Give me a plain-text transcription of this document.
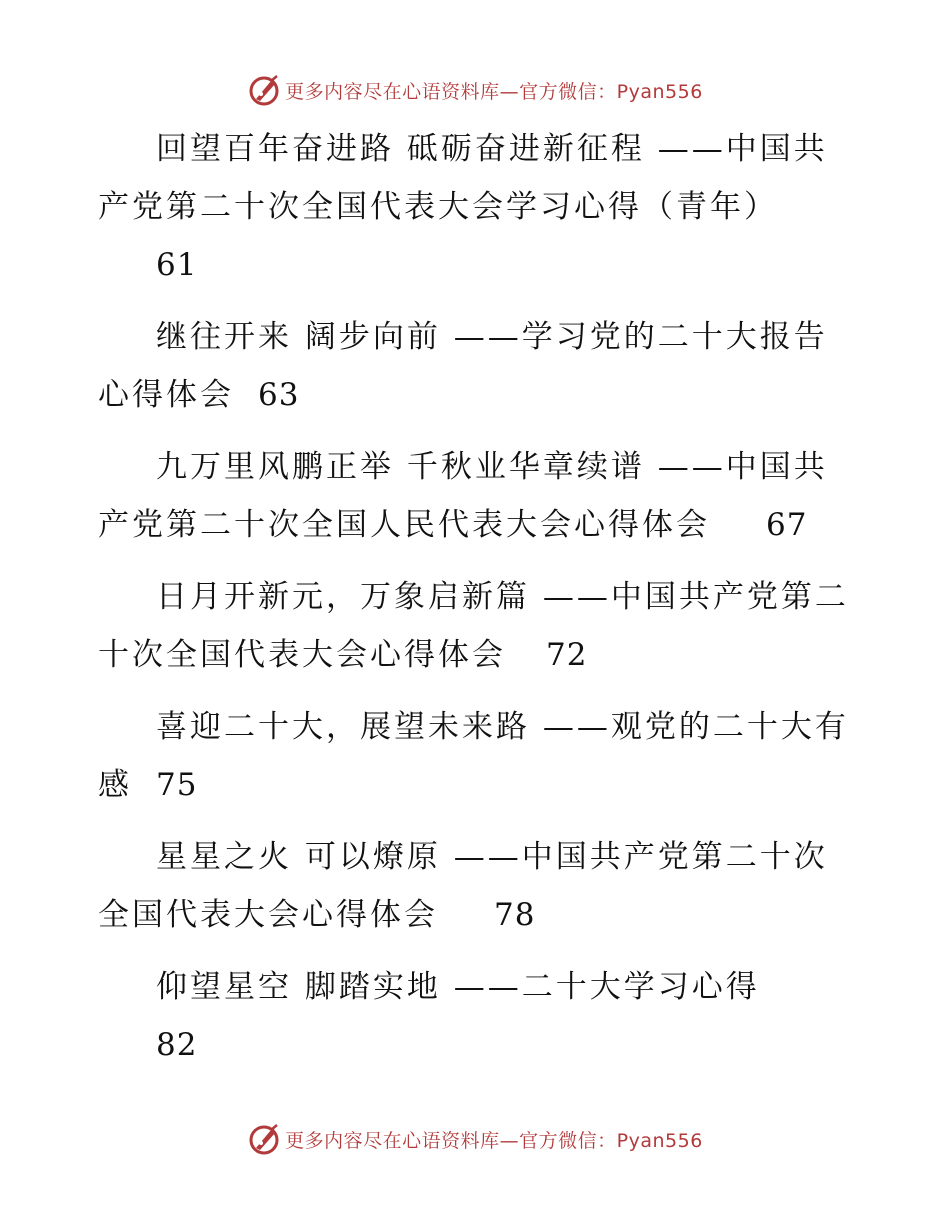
更多内容尽在心语资料库—官方微信：Pyan556
回望百年奋进路 砥砺奋进新征程 ——中国共产党第二十次全国代表大会学习心得（青年）
61
继往开来 阔步向前 ——学习党的二十大报告心得体会 63
九万里风鹏正举 千秋业华章续谱 ——中国共产党第二十次全国人民代表大会心得体会 67
日月开新元，万象启新篇 ——中国共产党第二十次全国代表大会心得体会 72
喜迎二十大，展望未来路 ——观党的二十大有感 75
星星之火 可以燎原 ——中国共产党第二十次全国代表大会心得体会 78
仰望星空 脚踏实地 ——二十大学习心得
82
更多内容尽在心语资料库—官方微信：Pyan556
